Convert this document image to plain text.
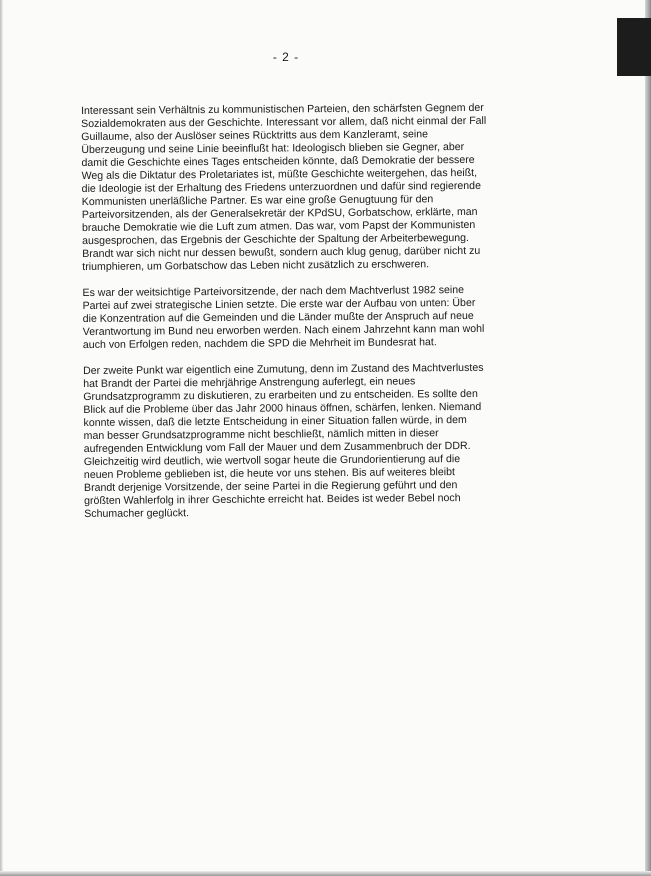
- 2 -
Interessant sein Verhältnis zu kommunistischen Parteien, den schärfsten Gegnem der
Sozialdemokraten aus der Geschichte. Interessant vor allem, daß nicht einmal der Fall
Guillaume, also der Auslöser seines Rücktritts aus dem Kanzleramt, seine
Überzeugung und seine Linie beeinflußt hat: Ideologisch blieben sie Gegner, aber
damit die Geschichte eines Tages entscheiden könnte, daß Demokratie der bessere
Weg als die Diktatur des Proletariates ist, müßte Geschichte weitergehen, das heißt,
die Ideologie ist der Erhaltung des Friedens unterzuordnen und dafür sind regierende
Kommunisten unerläßliche Partner. Es war eine große Genugtuung für den
Parteivorsitzenden, als der Generalsekretär der KPdSU, Gorbatschow, erklärte, man
brauche Demokratie wie die Luft zum atmen. Das war, vom Papst der Kommunisten
ausgesprochen, das Ergebnis der Geschichte der Spaltung der Arbeiterbewegung.
Brandt war sich nicht nur dessen bewußt, sondern auch klug genug, darüber nicht zu
triumphieren, um Gorbatschow das Leben nicht zusätzlich zu erschweren.
Es war der weitsichtige Parteivorsitzende, der nach dem Machtverlust 1982 seine
Partei auf zwei strategische Linien setzte. Die erste war der Aufbau von unten: Über
die Konzentration auf die Gemeinden und die Länder mußte der Anspruch auf neue
Verantwortung im Bund neu erworben werden. Nach einem Jahrzehnt kann man wohl
auch von Erfolgen reden, nachdem die SPD die Mehrheit im Bundesrat hat.
Der zweite Punkt war eigentlich eine Zumutung, denn im Zustand des Machtverlustes
hat Brandt der Partei die mehrjährige Anstrengung auferlegt, ein neues
Grundsatzprogramm zu diskutieren, zu erarbeiten und zu entscheiden. Es sollte den
Blick auf die Probleme über das Jahr 2000 hinaus öffnen, schärfen, lenken. Niemand
konnte wissen, daß die letzte Entscheidung in einer Situation fallen würde, in dem
man besser Grundsatzprogramme nicht beschließt, nämlich mitten in dieser
aufregenden Entwicklung vom Fall der Mauer und dem Zusammenbruch der DDR.
Gleichzeitig wird deutlich, wie wertvoll sogar heute die Grundorientierung auf die
neuen Probleme geblieben ist, die heute vor uns stehen. Bis auf weiteres bleibt
Brandt derjenige Vorsitzende, der seine Partei in die Regierung geführt und den
größten Wahlerfolg in ihrer Geschichte erreicht hat. Beides ist weder Bebel noch
Schumacher geglückt.
